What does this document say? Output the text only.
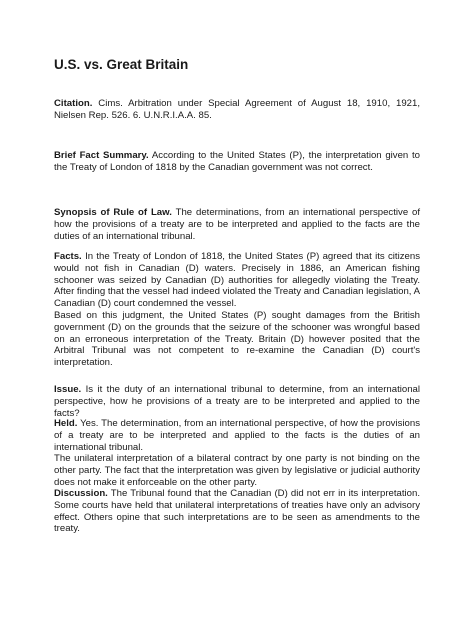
U.S. vs. Great Britain

Citation. Cims. Arbitration under Special Agreement of August 18, 1910, 1921, Nielsen Rep. 526. 6. U.N.R.I.A.A. 85.

Brief Fact Summary. According to the United States (P), the interpretation given to the Treaty of London of 1818 by the Canadian government was not correct.

Synopsis of Rule of Law. The determinations, from an international perspective of how the provisions of a treaty are to be interpreted and applied to the facts are the duties of an international tribunal.

Facts. In the Treaty of London of 1818, the United States (P) agreed that its citizens would not fish in Canadian (D) waters. Precisely in 1886, an American fishing schooner was seized by Canadian (D) authorities for allegedly violating the Treaty. After finding that the vessel had indeed violated the Treaty and Canadian legislation, A Canadian (D) court condemned the vessel.
Based on this judgment, the United States (P) sought damages from the British government (D) on the grounds that the seizure of the schooner was wrongful based on an erroneous interpretation of the Treaty. Britain (D) however posited that the Arbitral Tribunal was not competent to re-examine the Canadian (D) court's interpretation.

Issue. Is it the duty of an international tribunal to determine, from an international perspective, how he provisions of a treaty are to be interpreted and applied to the facts?

Held. Yes. The determination, from an international perspective, of how the provisions of a treaty are to be interpreted and applied to the facts is the duties of an international tribunal.
The unilateral interpretation of a bilateral contract by one party is not binding on the other party. The fact that the interpretation was given by legislative or judicial authority does not make it enforceable on the other party.

Discussion. The Tribunal found that the Canadian (D) did not err in its interpretation. Some courts have held that unilateral interpretations of treaties have only an advisory effect. Others opine that such interpretations are to be seen as amendments to the treaty.
